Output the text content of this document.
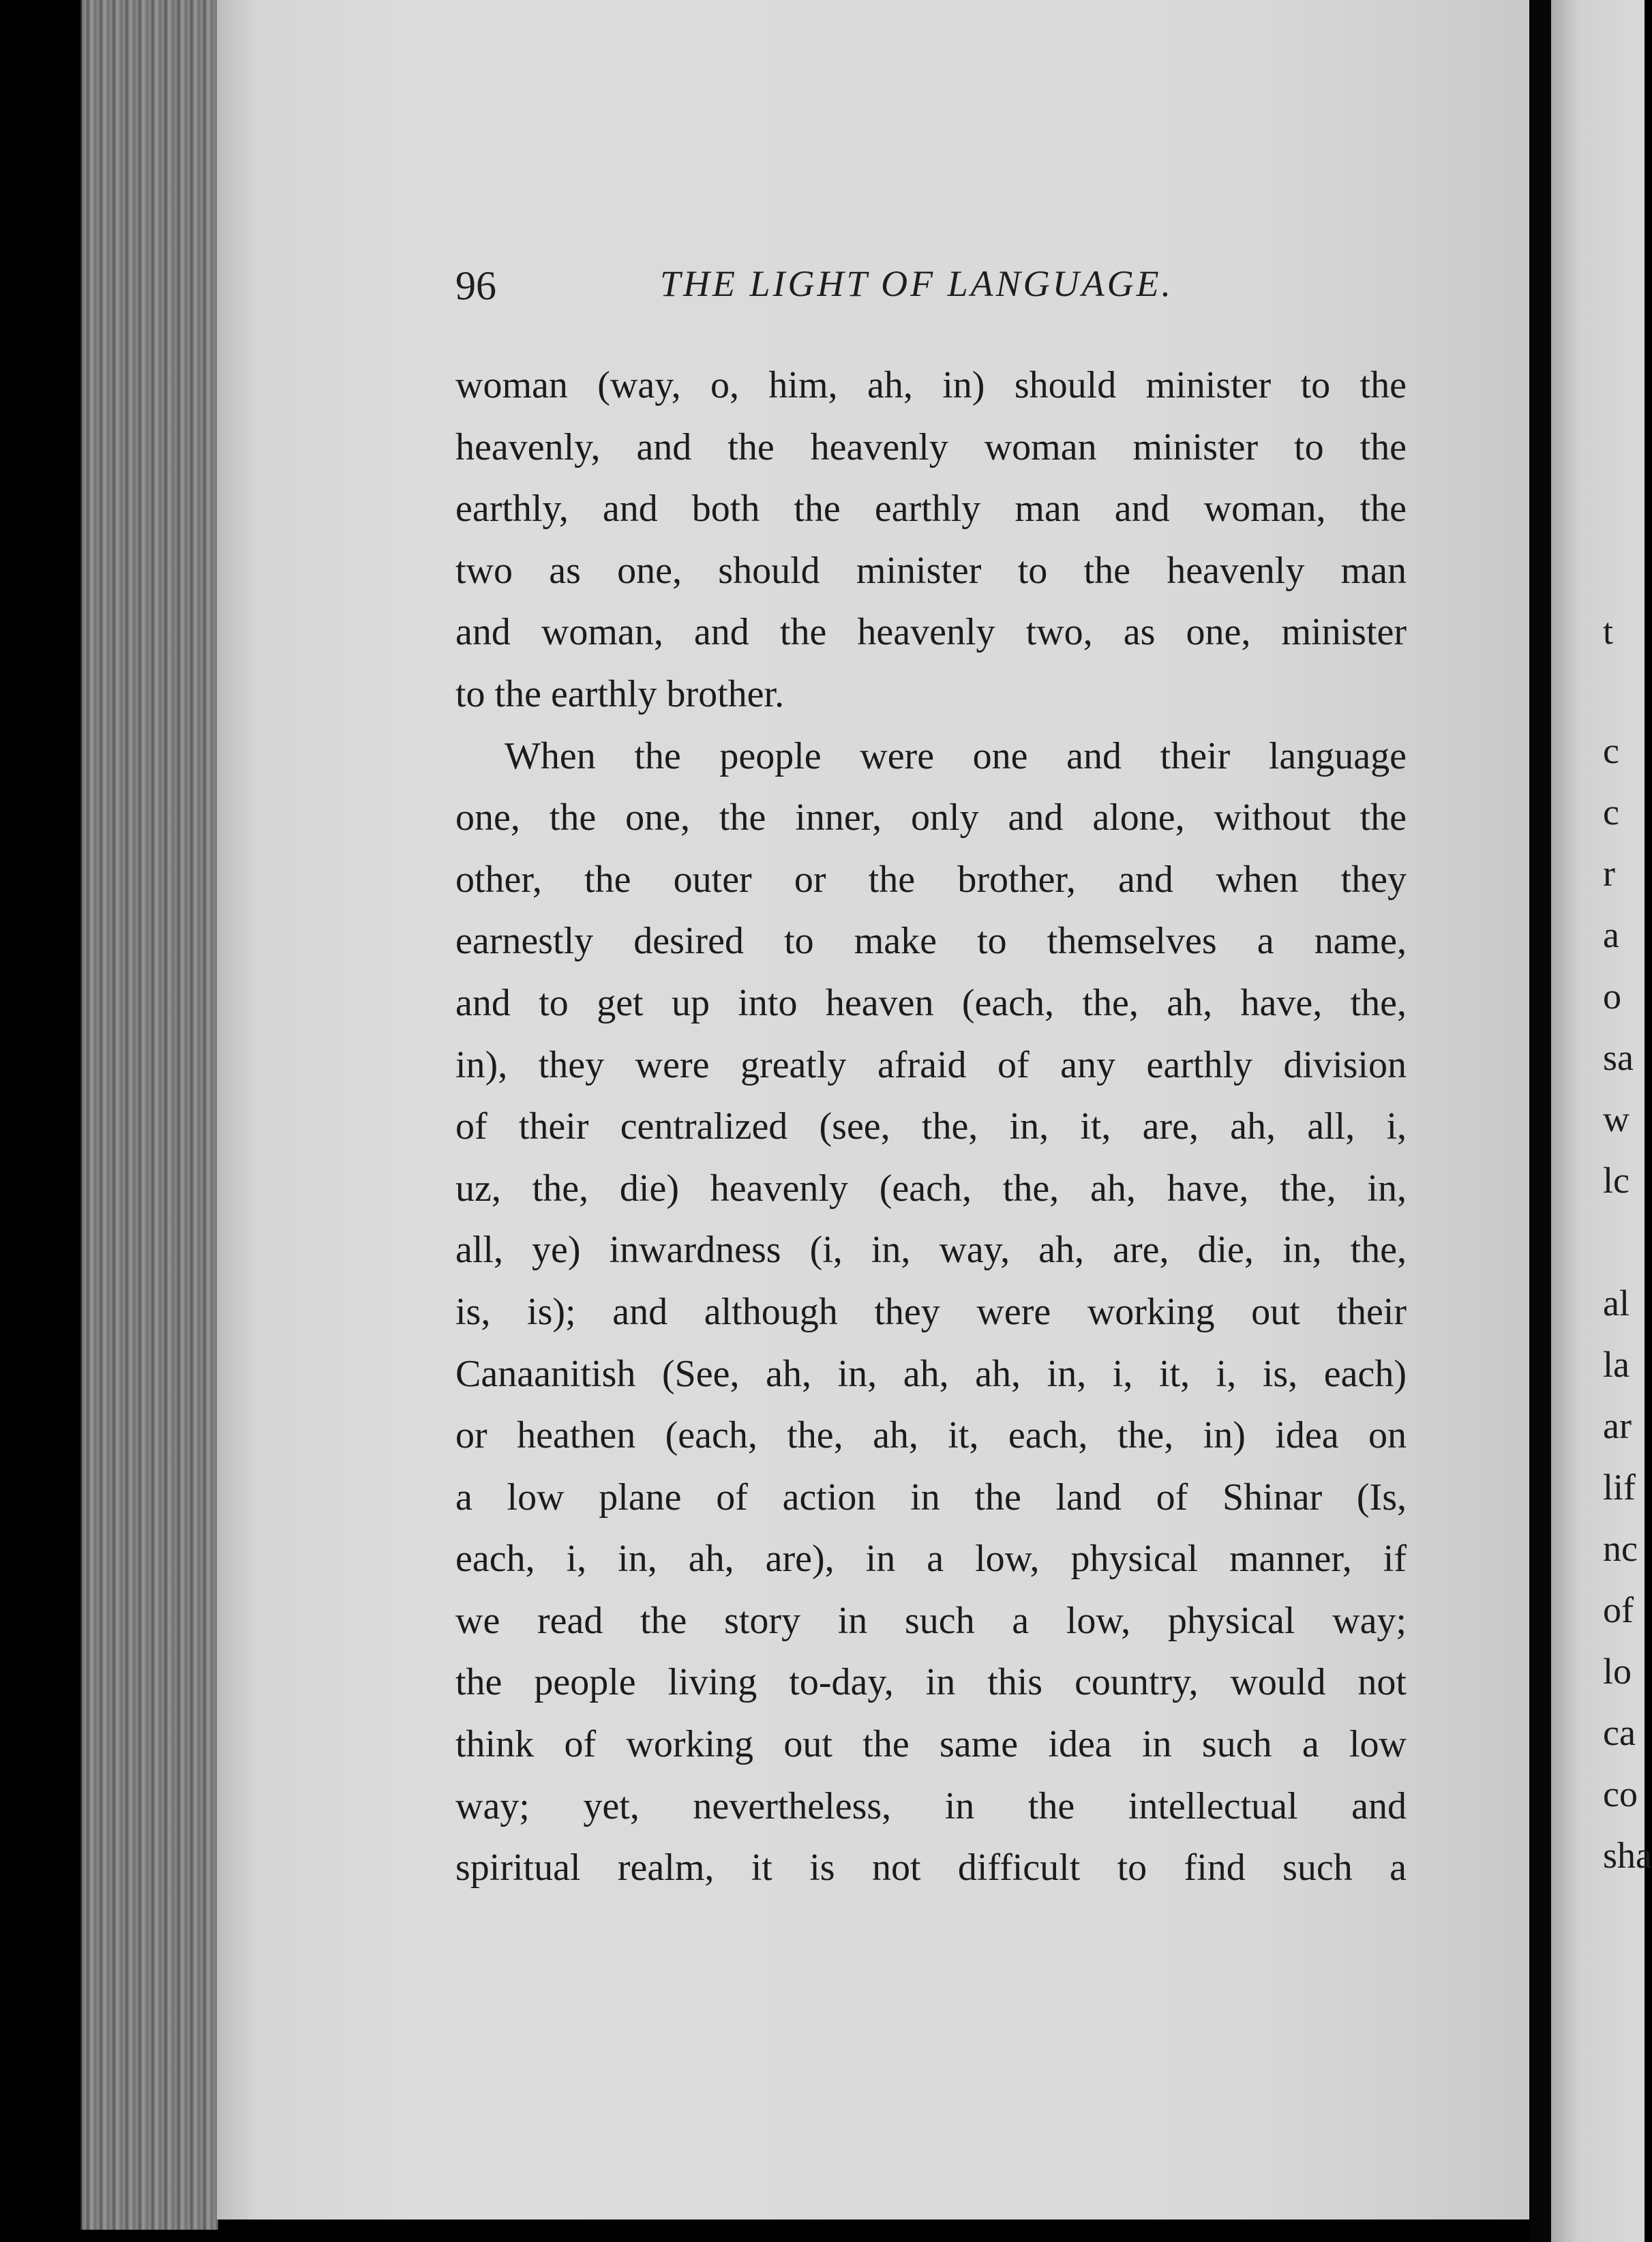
t
c
c
r
a
o
sa
w
lc
al
la
ar
lif
nc
of
lo
ca
co
sha
96	THE LIGHT OF LANGUAGE.
woman (way, o, him, ah, in) should minister to the
heavenly, and the heavenly woman minister to the
earthly, and both the earthly man and woman, the
two as one, should minister to the heavenly man
and woman, and the heavenly two, as one, minister
to the earthly brother.
When the people were one and their language
one, the one, the inner, only and alone, without the
other, the outer or the brother, and when they
earnestly desired to make to themselves a name,
and to get up into heaven (each, the, ah, have, the,
in), they were greatly afraid of any earthly division
of their centralized (see, the, in, it, are, ah, all, i,
uz, the, die) heavenly (each, the, ah, have, the, in,
all, ye) inwardness (i, in, way, ah, are, die, in, the,
is, is); and although they were working out their
Canaanitish (See, ah, in, ah, ah, in, i, it, i, is, each)
or heathen (each, the, ah, it, each, the, in) idea on
a low plane of action in the land of Shinar (Is,
each, i, in, ah, are), in a low, physical manner, if
we read the story in such a low, physical way;
the people living to-day, in this country, would not
think of working out the same idea in such a low
way; yet, nevertheless, in the intellectual and
spiritual realm, it is not difficult to find such a
